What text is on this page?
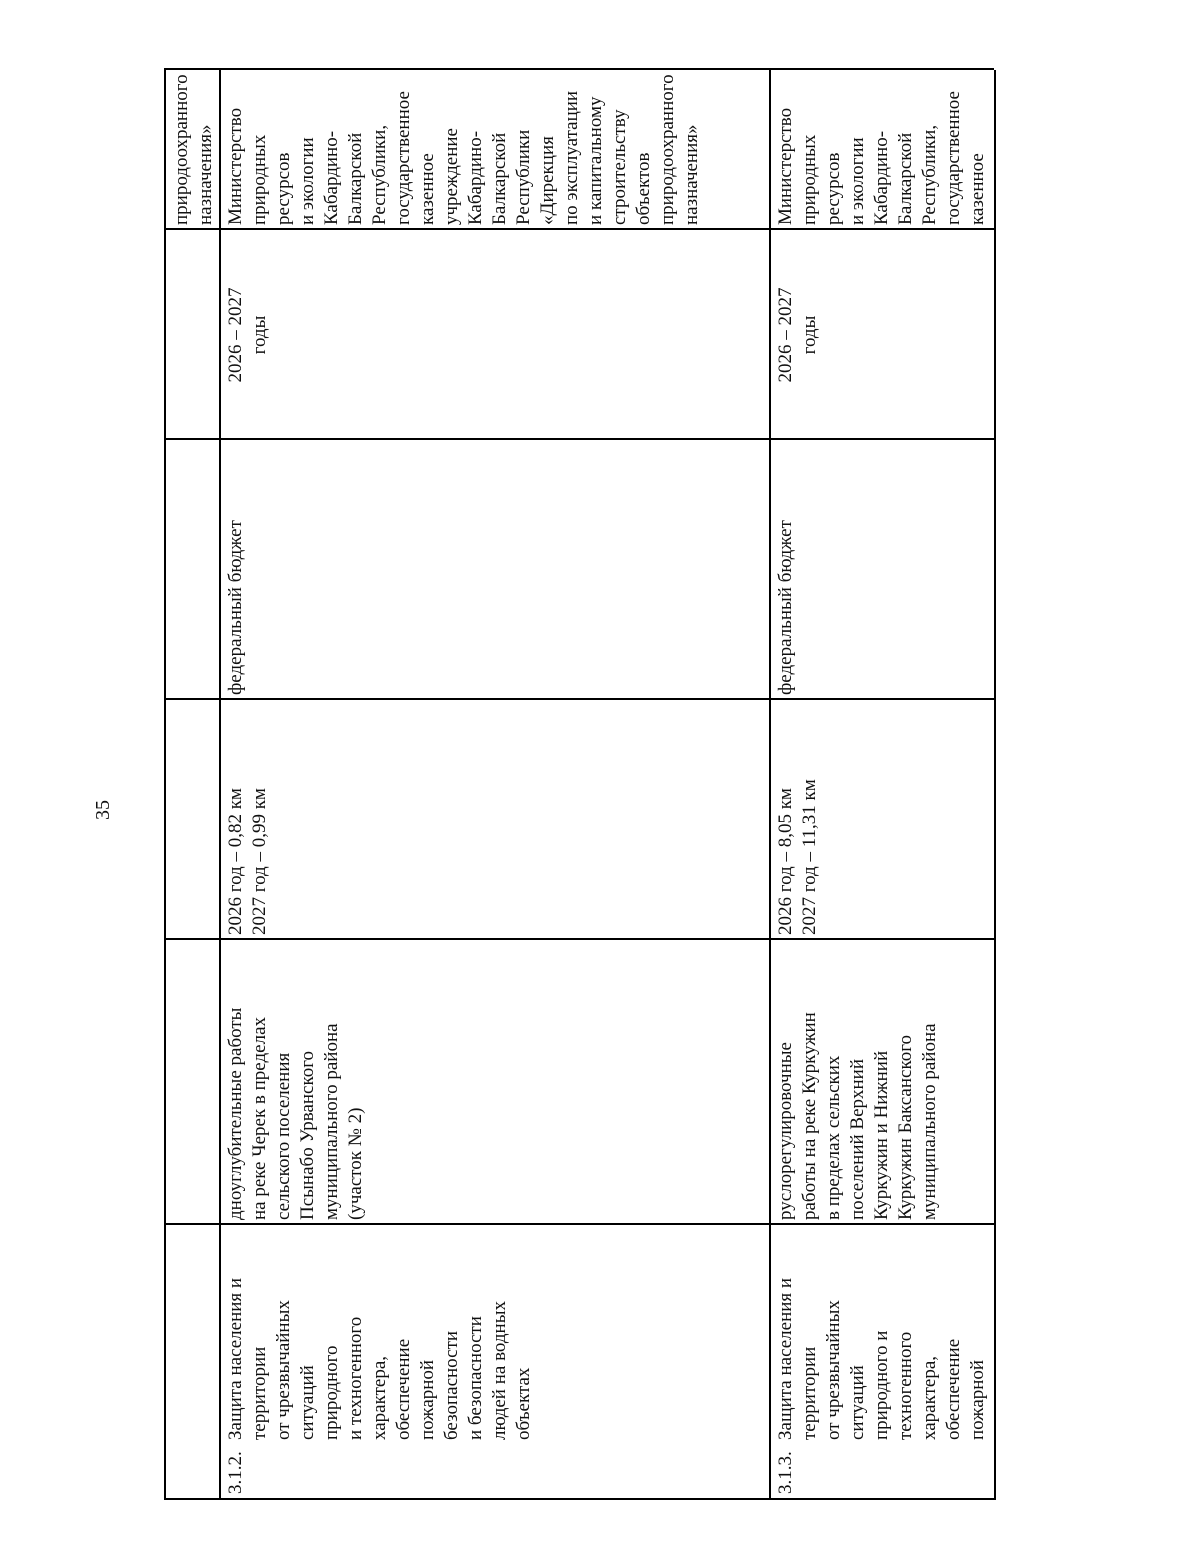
35
природоохранного
назначения»
3.1.2.
Защита населения и
территории
от чрезвычайных
ситуаций
природного
и техногенного
характера,
обеспечение
пожарной
безопасности
и безопасности
людей на водных
объектах
дноуглубительные работы
на реке Черек в пределах
сельского поселения
Псынабо Урванского
муниципального района
(участок № 2)
2026 год – 0,82 км
2027 год – 0,99 км
федеральный бюджет
2026 – 2027
годы
Министерство
природных
ресурсов
и экологии
Кабардино-
Балкарской
Республики,
государственное
казенное
учреждение
Кабардино-
Балкарской
Республики
«Дирекция
по эксплуатации
и капитальному
строительству
объектов
природоохранного
назначения»
3.1.3.
Защита населения и
территории
от чрезвычайных
ситуаций
природного и
техногенного
характера,
обеспечение
пожарной
руслорегулировочные
работы на реке Куркужин
в пределах сельских
поселений Верхний
Куркужин и Нижний
Куркужин Баксанского
муниципального района
2026 год – 8,05 км
2027 год – 11,31 км
федеральный бюджет
2026 – 2027
годы
Министерство
природных
ресурсов
и экологии
Кабардино-
Балкарской
Республики,
государственное
казенное
